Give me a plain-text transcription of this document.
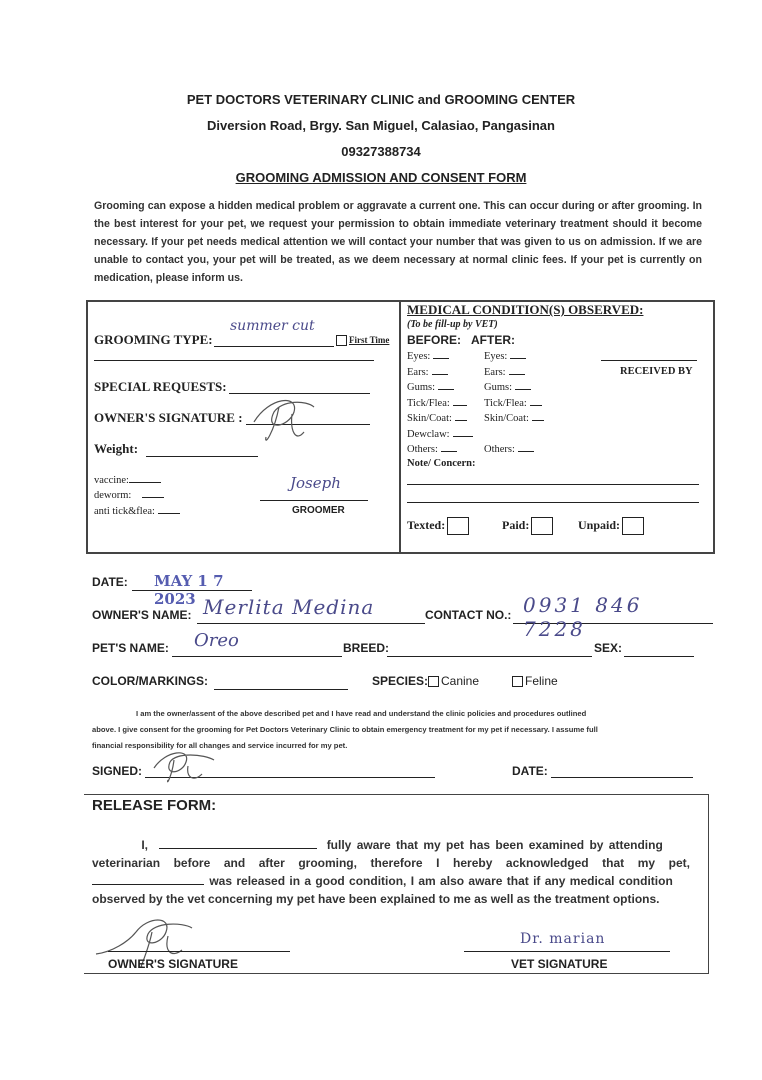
PET DOCTORS VETERINARY CLINIC and GROOMING CENTER
Diversion Road, Brgy. San Miguel, Calasiao, Pangasinan
09327388734
GROOMING ADMISSION AND CONSENT FORM
Grooming can expose a hidden medical problem or aggravate a current one. This can occur during or after grooming. In the best interest for your pet, we request your permission to obtain immediate veterinary treatment should it become necessary. If your pet needs medical attention we will contact your number that was given to us on admission. If we are unable to contact you, your pet will be treated, as we deem necessary at normal clinic fees. If your pet is currently on medication, please inform us.
GROOMING TYPE:
summer cut
First Time
SPECIAL REQUESTS:
OWNER'S SIGNATURE :
Weight:
vaccine:
deworm:
anti tick&flea:
Joseph
GROOMER
MEDICAL CONDITION(S) OBSERVED:
(To be fill-up by VET)
BEFORE: AFTER:
Eyes:	Eyes:
Ears:	Ears:
Gums:	Gums:
Tick/Flea:	Tick/Flea:
Skin/Coat:	Skin/Coat:
Dewclaw:
Others:	Others:
RECEIVED BY
Note/ Concern:
Texted:	Paid:	Unpaid:
DATE: MAY 1 7 2023
OWNER'S NAME: Merlita Medina	CONTACT NO.: 0931 846 7228
PET'S NAME: Oreo	BREED:	SEX:
COLOR/MARKINGS:	SPECIES:	Canine	Feline
I am the owner/assent of the above described pet and I have read and understand the clinic policies and procedures outlined
above. I give consent for the grooming for Pet Doctors Veterinary Clinic to obtain emergency treatment for my pet if necessary. I assume full
financial responsibility for all changes and service incurred for my pet.
SIGNED:	DATE:
RELEASE FORM:
I,	fully aware that my pet has been examined by attending
veterinarian before and after grooming, therefore I hereby acknowledged that my pet,
was released in a good condition, I am also aware that if any medical condition
observed by the vet concerning my pet have been explained to me as well as the treatment options.
OWNER'S SIGNATURE
Dr. marian
VET SIGNATURE
